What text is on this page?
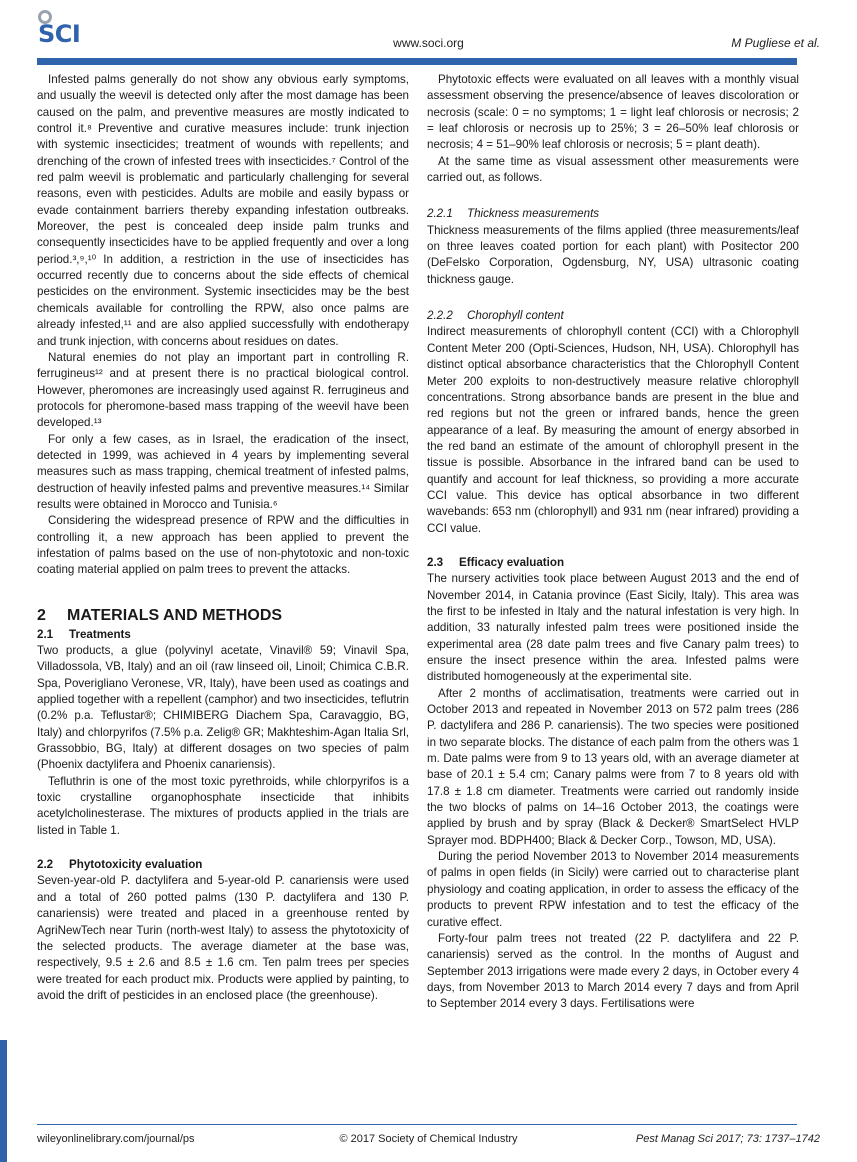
SCI	www.soci.org	M Pugliese et al.

Infested palms generally do not show any obvious early symptoms, and usually the weevil is detected only after the most damage has been caused on the palm, and preventive measures are mostly indicated to control it.⁸ Preventive and curative measures include: trunk injection with systemic insecticides; treatment of wounds with repellents; and drenching of the crown of infested trees with insecticides.⁷ Control of the red palm weevil is problematic and particularly challenging for several reasons, even with pesticides. Adults are mobile and easily bypass or evade containment barriers thereby expanding infestation outbreaks. Moreover, the pest is concealed deep inside palm trunks and consequently insecticides have to be applied frequently and over a long period.³,⁹,¹⁰ In addition, a restriction in the use of insecticides has occurred recently due to concerns about the side effects of chemical pesticides on the environment. Systemic insecticides may be the best chemicals available for controlling the RPW, also once palms are already infested,¹¹ and are also applied successfully with endotherapy and trunk injection, with concerns about residues on dates.

Natural enemies do not play an important part in controlling R. ferrugineus¹² and at present there is no practical biological control. However, pheromones are increasingly used against R. ferrugineus and protocols for pheromone-based mass trapping of the weevil have been developed.¹³

For only a few cases, as in Israel, the eradication of the insect, detected in 1999, was achieved in 4 years by implementing several measures such as mass trapping, chemical treatment of infested palms, destruction of heavily infested palms and preventive measures.¹⁴ Similar results were obtained in Morocco and Tunisia.⁶

Considering the widespread presence of RPW and the difficulties in controlling it, a new approach has been applied to prevent the infestation of palms based on the use of non-phytotoxic and non-toxic coating material applied on palm trees to prevent the attacks.

2 MATERIALS AND METHODS
2.1 Treatments

Two products, a glue (polyvinyl acetate, Vinavil® 59; Vinavil Spa, Villadossola, VB, Italy) and an oil (raw linseed oil, Linoil; Chimica C.B.R. Spa, Poverigliano Veronese, VR, Italy), have been used as coatings and applied together with a repellent (camphor) and two insecticides, teflutrin (0.2% p.a. Teflustar®; CHIMIBERG Diachem Spa, Caravaggio, BG, Italy) and chlorpyrifos (7.5% p.a. Zelig® GR; Makhteshim-Agan Italia Srl, Grassobbio, BG, Italy) at different dosages on two species of palm (Phoenix dactylifera and Phoenix canariensis).

Tefluthrin is one of the most toxic pyrethroids, while chlorpyrifos is a toxic crystalline organophosphate insecticide that inhibits acetylcholinesterase. The mixtures of products applied in the trials are listed in Table 1.

2.2 Phytotoxicity evaluation

Seven-year-old P. dactylifera and 5-year-old P. canariensis were used and a total of 260 potted palms (130 P. dactylifera and 130 P. canariensis) were treated and placed in a greenhouse rented by AgriNewTech near Turin (north-west Italy) to assess the phytotoxicity of the selected products. The average diameter at the base was, respectively, 9.5 ± 2.6 and 8.5 ± 1.6 cm. Ten palm trees per species were treated for each product mix. Products were applied by painting, to avoid the drift of pesticides in an enclosed place (the greenhouse).

Phytotoxic effects were evaluated on all leaves with a monthly visual assessment observing the presence/absence of leaves discoloration or necrosis (scale: 0 = no symptoms; 1 = light leaf chlorosis or necrosis; 2 = leaf chlorosis or necrosis up to 25%; 3 = 26–50% leaf chlorosis or necrosis; 4 = 51–90% leaf chlorosis or necrosis; 5 = plant death).

At the same time as visual assessment other measurements were carried out, as follows.

2.2.1 Thickness measurements

Thickness measurements of the films applied (three measurements/leaf on three leaves coated portion for each plant) with Positector 200 (DeFelsko Corporation, Ogdensburg, NY, USA) ultrasonic coating thickness gauge.

2.2.2 Chorophyll content

Indirect measurements of chlorophyll content (CCI) with a Chlorophyll Content Meter 200 (Opti-Sciences, Hudson, NH, USA). Chlorophyll has distinct optical absorbance characteristics that the Chlorophyll Content Meter 200 exploits to non-destructively measure relative chlorophyll concentrations. Strong absorbance bands are present in the blue and red regions but not the green or infrared bands, hence the green appearance of a leaf. By measuring the amount of energy absorbed in the red band an estimate of the amount of chlorophyll present in the tissue is possible. Absorbance in the infrared band can be used to quantify and account for leaf thickness, so providing a more accurate CCI value. This device has optical absorbance in two different wavebands: 653 nm (chlorophyll) and 931 nm (near infrared) providing a CCI value.

2.3 Efficacy evaluation

The nursery activities took place between August 2013 and the end of November 2014, in Catania province (East Sicily, Italy). This area was the first to be infested in Italy and the natural infestation is very high. In addition, 33 naturally infested palm trees were positioned inside the experimental area (28 date palm trees and five Canary palm trees) to ensure the insect presence within the area. Infested palms were distributed homogeneously at the experimental site.

After 2 months of acclimatisation, treatments were carried out in October 2013 and repeated in November 2013 on 572 palm trees (286 P. dactylifera and 286 P. canariensis). The two species were positioned in two separate blocks. The distance of each palm from the others was 1 m. Date palms were from 9 to 13 years old, with an average diameter at base of 20.1 ± 5.4 cm; Canary palms were from 7 to 8 years old with 17.8 ± 1.8 cm diameter. Treatments were carried out randomly inside the two blocks of palms on 14–16 October 2013, the coatings were applied by brush and by spray (Black & Decker® SmartSelect HVLP Sprayer mod. BDPH400; Black & Decker Corp., Towson, MD, USA).

During the period November 2013 to November 2014 measurements of palms in open fields (in Sicily) were carried out to characterise plant physiology and coating application, in order to assess the efficacy of the products to prevent RPW infestation and to test the efficacy of the curative effect.

Forty-four palm trees not treated (22 P. dactylifera and 22 P. canariensis) served as the control. In the months of August and September 2013 irrigations were made every 2 days, in October every 4 days, from November 2013 to March 2014 every 7 days and from April to September 2014 every 3 days. Fertilisations were

wileyonlinelibrary.com/journal/ps	© 2017 Society of Chemical Industry	Pest Manag Sci 2017; 73: 1737–1742
